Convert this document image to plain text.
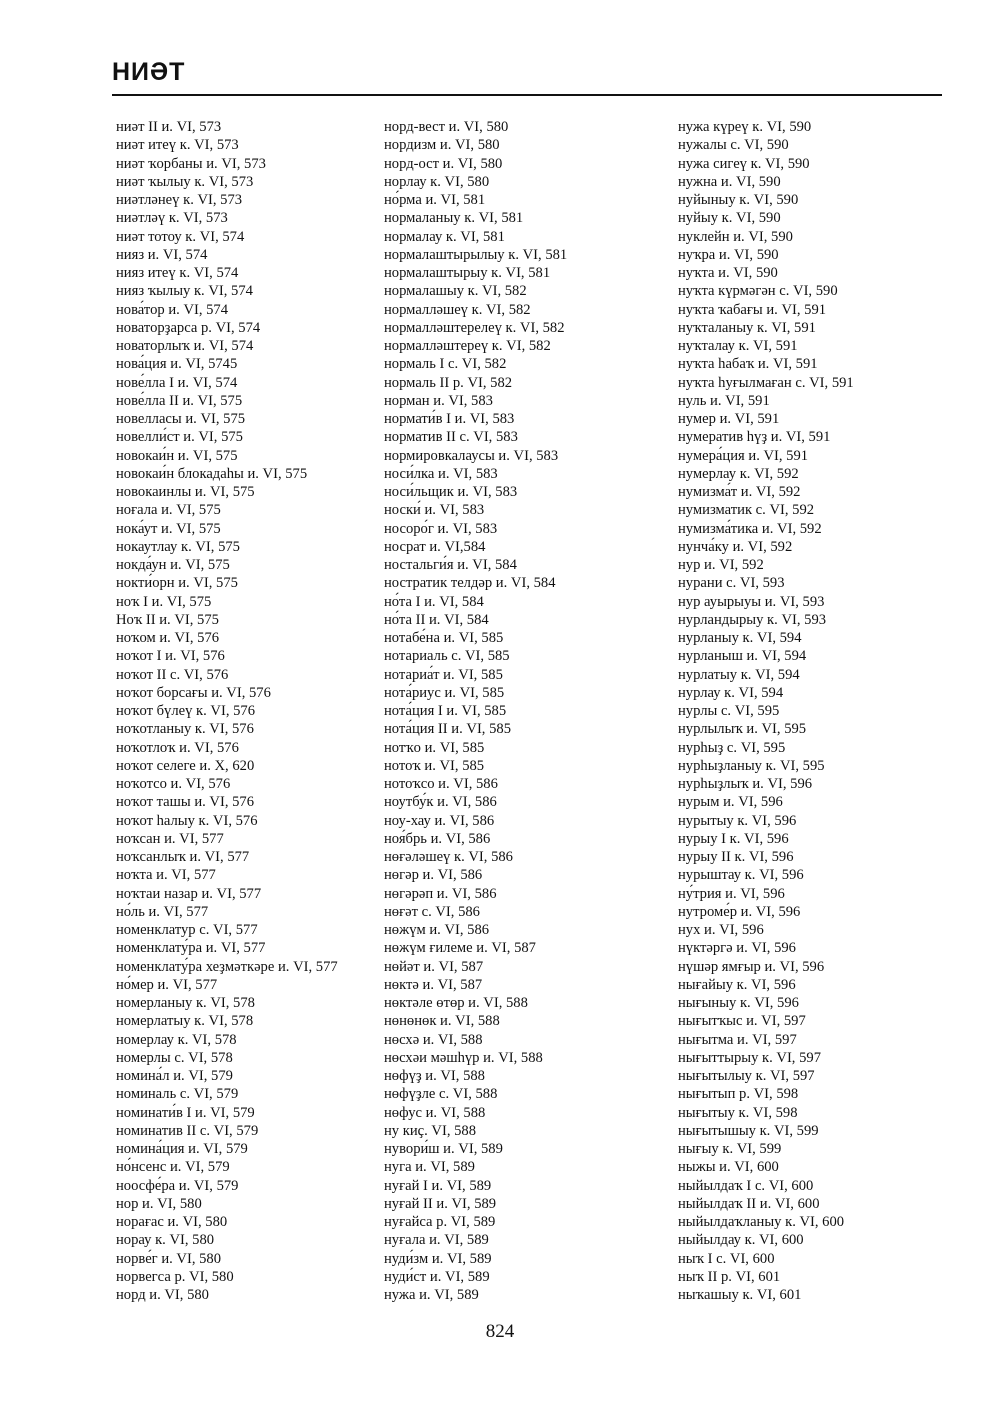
НИӘТ
ниәт II и. VI, 573
ниәт итеү к. VI, 573
ниәт ҡорбаны и. VI, 573
ниәт ҡылыу к. VI, 573
ниәтләнеү к. VI, 573
ниәтләү к. VI, 573
ниәт тотоу к. VI, 574
нияз и. VI, 574
нияз итеү к. VI, 574
нияз ҡылыу к. VI, 574
нова́тор и. VI, 574
новаторҙарса р. VI, 574
новаторлыҡ и. VI, 574
нова́ция и. VI, 5745
нове́лла I и. VI, 574
нове́лла II и. VI, 575
новелласы и. VI, 575
новелли́ст и. VI, 575
новокаи́н и. VI, 575
новокаи́н блокадаһы и. VI, 575
новокаинлы и. VI, 575
ноғала и. VI, 575
нока́ут и. VI, 575
нокаутлау к. VI, 575
нокда́ун и. VI, 575
нокти́орн и. VI, 575
ноҡ I и. VI, 575
Ноҡ II и. VI, 575
ноҡом и. VI, 576
ноҡот I и. VI, 576
ноҡот II с. VI, 576
ноҡот борсағы и. VI, 576
ноҡот бүлеү к. VI, 576
ноҡотланыу к. VI, 576
ноҡотлоҡ и. VI, 576
ноҡот селеге и. X, 620
ноҡотсо и. VI, 576
ноҡот ташы и. VI, 576
ноҡот һалыу к. VI, 576
ноҡсан и. VI, 577
ноҡсанлыҡ и. VI, 577
ноҡта и. VI, 577
ноҡтаи назар и. VI, 577
но́ль и. VI, 577
номенклатур с. VI, 577
номенклату́ра и. VI, 577
номенклату́ра хеҙмәткәре и. VI, 577
но́мер и. VI, 577
номерланыу к. VI, 578
номерлатыу к. VI, 578
номерлау к. VI, 578
номерлы с. VI, 578
номина́л и. VI, 579
номиналь с. VI, 579
номинати́в I и. VI, 579
номинатив II с. VI, 579
номина́ция и. VI, 579
но́нсенс и. VI, 579
ноосфе́ра и. VI, 579
нор и. VI, 580
норағас и. VI, 580
норау к. VI, 580
норве́г и. VI, 580
норвегса р. VI, 580
норд и. VI, 580
норд-вест и. VI, 580
нордизм и. VI, 580
норд-ост и. VI, 580
норлау к. VI, 580
но́рма и. VI, 581
нормаланыу к. VI, 581
нормалау к. VI, 581
нормалаштырылыу к. VI, 581
нормалаштырыу к. VI, 581
нормалашыу к. VI, 582
нормалләшеү к. VI, 582
нормалләштерелеү к. VI, 582
нормалләштереү к. VI, 582
нормаль I с. VI, 582
нормаль II р. VI, 582
норман и. VI, 583
нормати́в I и. VI, 583
норматив II с. VI, 583
нормировкалаусы и. VI, 583
носи́лка и. VI, 583
носи́льщик и. VI, 583
носки́ и. VI, 583
носоро́г и. VI, 583
носрат и. VI,584
ностальги́я и. VI, 584
ностратик телдәр и. VI, 584
но́та I и. VI, 584
но́та II и. VI, 584
нотабе́на и. VI, 585
нотариаль с. VI, 585
нотариа́т и. VI, 585
нота́риус и. VI, 585
нота́ция I и. VI, 585
нота́ция II и. VI, 585
нотҡо и. VI, 585
нотоҡ и. VI, 585
нотоҡсо и. VI, 586
ноутбу́к и. VI, 586
ноу-хау и. VI, 586
ноя́брь и. VI, 586
нөғәләшеү к. VI, 586
нөгәр и. VI, 586
нөгәрәп и. VI, 586
нөғәт с. VI, 586
нөжүм и. VI, 586
нөжүм ғилеме и. VI, 587
нөйәт и. VI, 587
нөктә и. VI, 587
нөктәле өтөр и. VI, 588
нөнөнөк и. VI, 588
нөсхә и. VI, 588
нөсхәи мәшһүр и. VI, 588
нөфүҙ и. VI, 588
нөфүҙле с. VI, 588
нөфус и. VI, 588
ну киҫ. VI, 588
нувори́ш и. VI, 589
нуга и. VI, 589
нуғай I и. VI, 589
нуғай II и. VI, 589
нуғайса р. VI, 589
нуғала и. VI, 589
нуди́зм и. VI, 589
нуди́ст и. VI, 589
нужа и. VI, 589
нужа күреү к. VI, 590
нужалы с. VI, 590
нужа сигеү к. VI, 590
нужна и. VI, 590
нуйыныу к. VI, 590
нуйыу к. VI, 590
нуклейн и. VI, 590
нуҡра и. VI, 590
нуҡта и. VI, 590
нуҡта күрмәгән с. VI, 590
нуҡта ҡабағы и. VI, 591
нуҡталаныу к. VI, 591
нуҡталау к. VI, 591
нуҡта һабаҡ и. VI, 591
нуҡта һуғылмаған с. VI, 591
нуль и. VI, 591
нумер и. VI, 591
нумератив һүҙ и. VI, 591
нумера́ция и. VI, 591
нумерлау к. VI, 592
нумизма́т и. VI, 592
нумизматик с. VI, 592
нумизма́тика и. VI, 592
нунча́ку и. VI, 592
нур и. VI, 592
нурани с. VI, 593
нур ауырыуы и. VI, 593
нурландырыу к. VI, 593
нурланыу к. VI, 594
нурланыш и. VI, 594
нурлатыу к. VI, 594
нурлау к. VI, 594
нурлы с. VI, 595
нурлылыҡ и. VI, 595
нурһыҙ с. VI, 595
нурһыҙланыу к. VI, 595
нурһыҙлыҡ и. VI, 596
нурым и. VI, 596
нурытыу к. VI, 596
нурыу I к. VI, 596
нурыу II к. VI, 596
нурыштау к. VI, 596
ну́трия и. VI, 596
нутроме́р и. VI, 596
нух и. VI, 596
нүктәргә и. VI, 596
нүшәр ямғыр и. VI, 596
нығайыу к. VI, 596
нығыныу к. VI, 596
нығытҡыс и. VI, 597
нығытма и. VI, 597
нығыттырыу к. VI, 597
нығытылыу к. VI, 597
нығытып р. VI, 598
нығытыу к. VI, 598
нығытышыу к. VI, 599
нығыу к. VI, 599
ныжы и. VI, 600
ныйылдаҡ I с. VI, 600
ныйылдаҡ II и. VI, 600
ныйылдаҡланыу к. VI, 600
ныйылдау к. VI, 600
ныҡ I с. VI, 600
ныҡ II р. VI, 601
ныҡашыу к. VI, 601
824
